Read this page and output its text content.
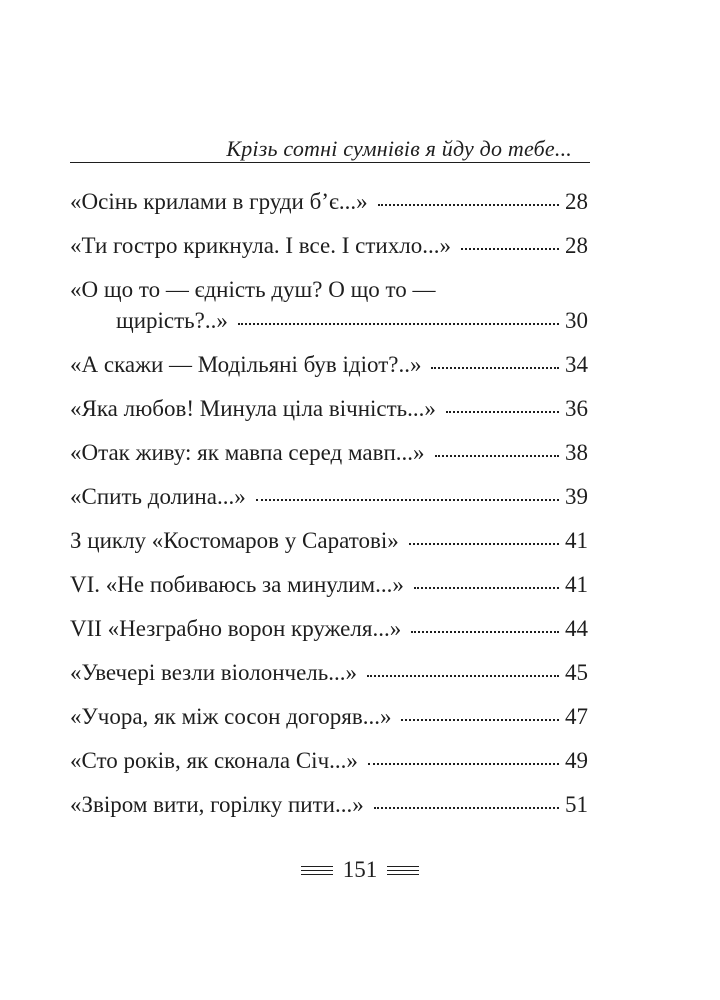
Крізь сотні сумнівів я йду до тебе...
«Осінь крилами в груди б’є...»	28
«Ти гостро крикнула. І все. І стихло...»	28
«О що то — єдність душ? О що то —
щирість?..»	30
«А скажи — Модільяні був ідіот?..»	34
«Яка любов! Минула ціла вічність...»	36
«Отак живу: як мавпа серед мавп...»	38
«Спить долина...»	39
З циклу «Костомаров у Саратові»	41
VI. «Не побиваюсь за минулим...»	41
VII «Незграбно ворон кружеля...»	44
«Увечері везли віолончель...»	45
«Учора, як між сосон догоряв...»	47
«Сто років, як сконала Січ...»	49
«Звіром вити, горілку пити...»	51
151
